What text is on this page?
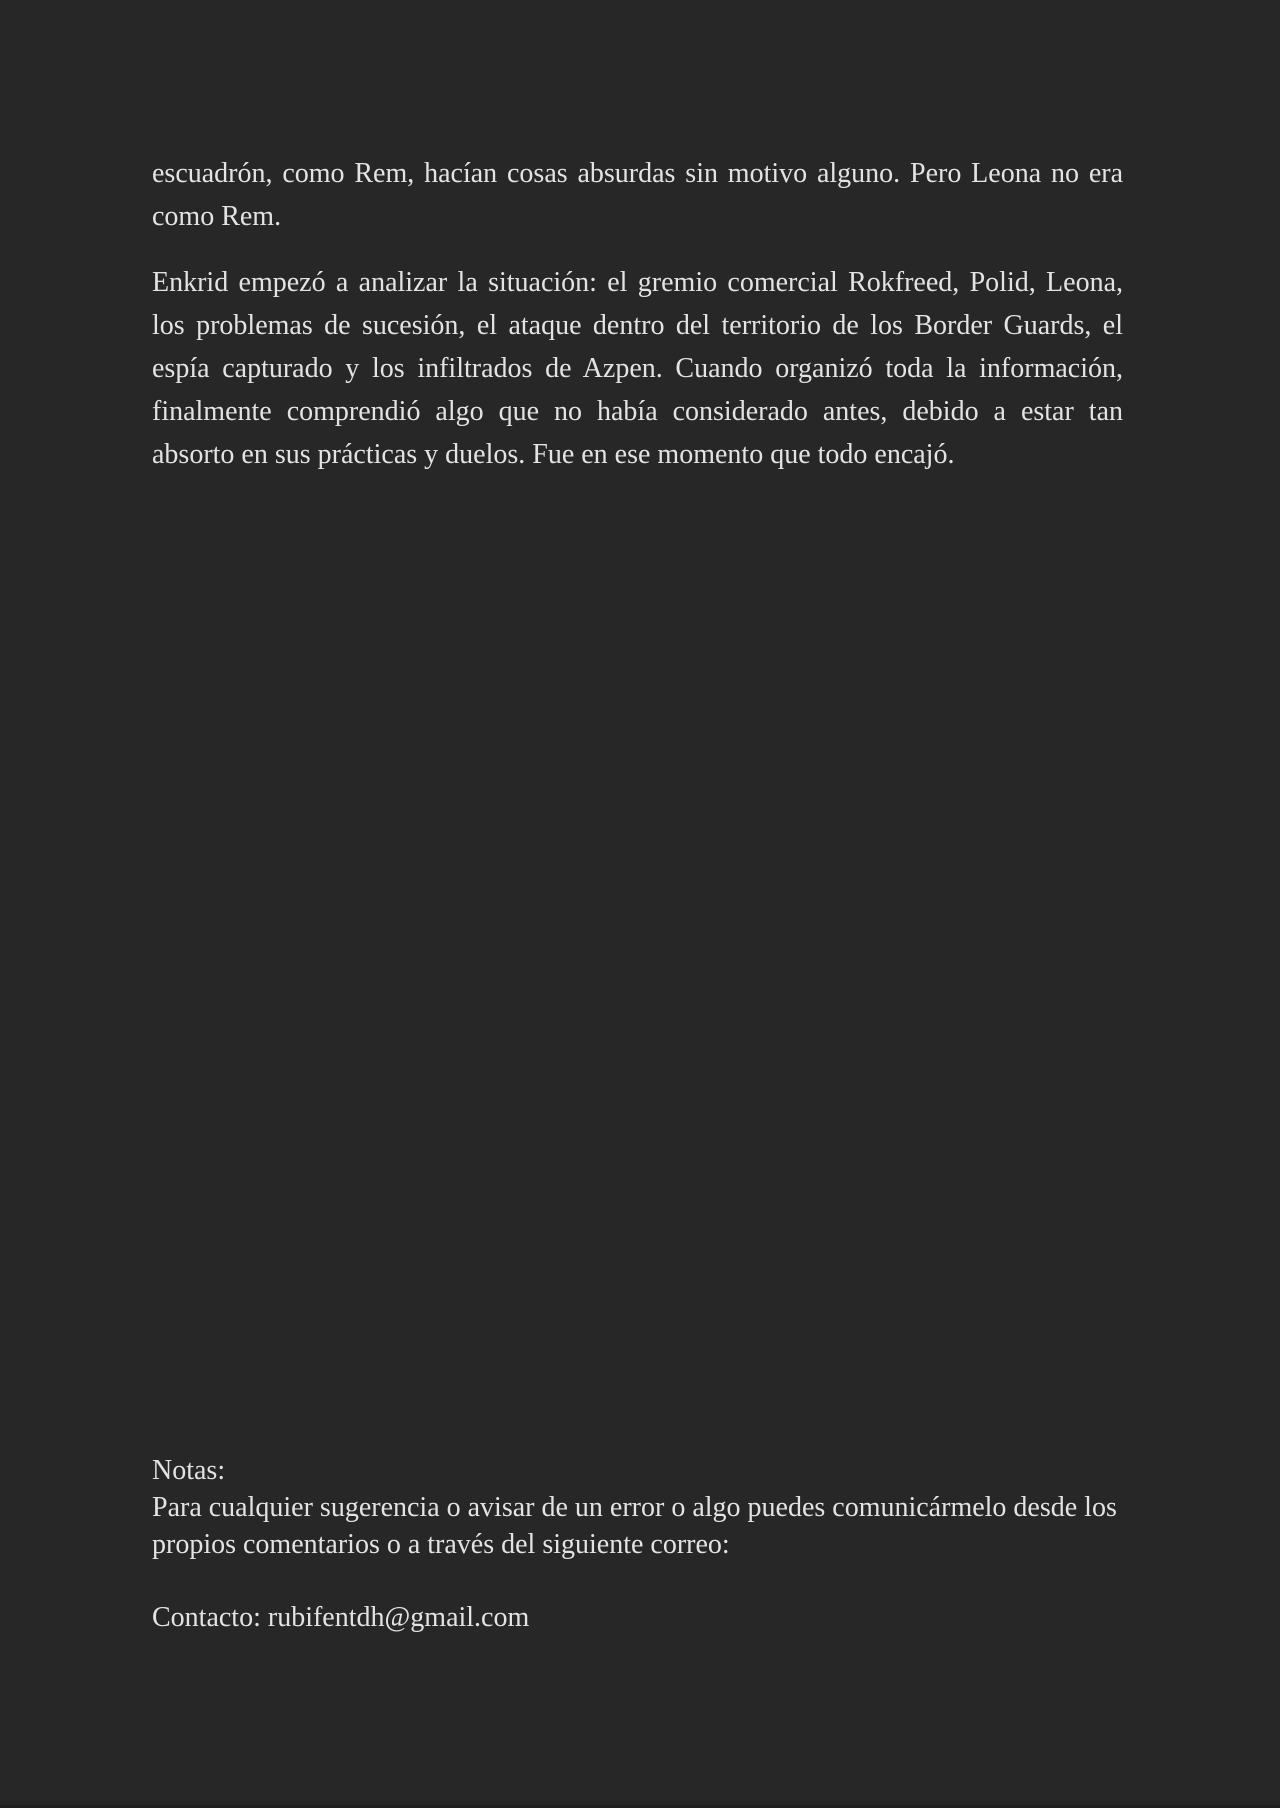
escuadrón, como Rem, hacían cosas absurdas sin motivo alguno. Pero Leona no era
como Rem.
Enkrid empezó a analizar la situación: el gremio comercial Rokfreed, Polid, Leona,
los problemas de sucesión, el ataque dentro del territorio de los Border Guards, el
espía capturado y los infiltrados de Azpen. Cuando organizó toda la información,
finalmente comprendió algo que no había considerado antes, debido a estar tan
absorto en sus prácticas y duelos. Fue en ese momento que todo encajó.
Notas:
Para cualquier sugerencia o avisar de un error o algo puedes comunicármelo desde los
propios comentarios o a través del siguiente correo:
Contacto: rubifentdh@gmail.com
